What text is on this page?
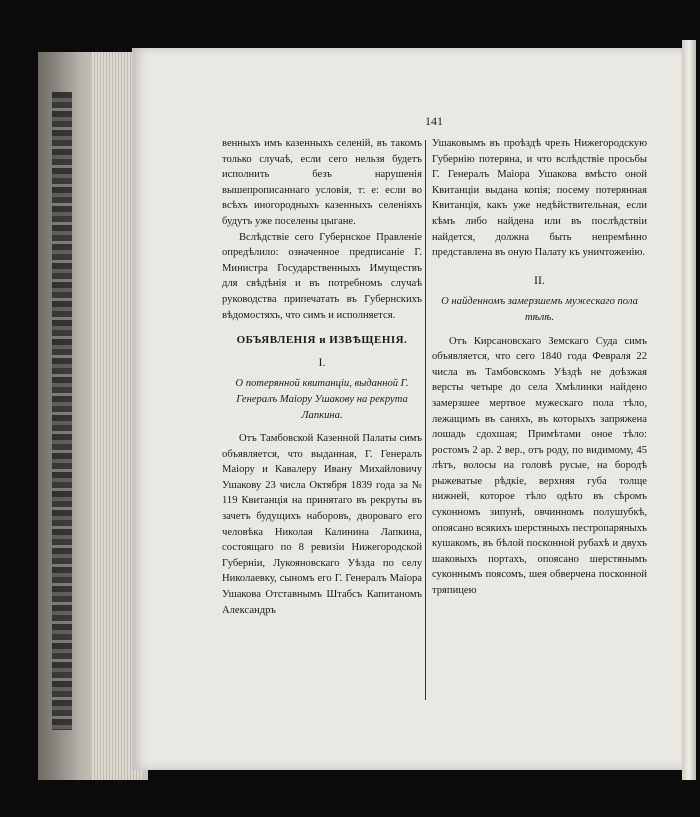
141

венныхъ имъ казенныхъ селеній, въ такомъ только случаѣ, если сего нельзя будетъ исполнить безъ нарушенія вышепрописаннаго условія, т: е: если во всѣхъ иногородныхъ казенныхъ селеніяхъ будутъ уже поселены цыгане.

Вслѣдствіе сего Губернское Правленіе опредѣлило: означенное предписаніе Г. Министра Государственныхъ Имуществъ для свѣдѣнія и въ потребномъ случаѣ руководства припечатать въ Губернскихъ вѣдомостяхъ, что симъ и исполняется.

ОБЪЯВЛЕНІЯ и ИЗВѢЩЕНІЯ.
I.

О потерянной квитанціи, выданной Г. Генералъ Маіору Ушакову на рекрута Лапкина.

Отъ Тамбовской Казенной Палаты симъ объявляется, что выданная, Г. Генералъ Маіору и Кавалеру Ивану Михайловичу Ушакову 23 числа Октября 1839 года за № 119 Квитанція на принятаго въ рекруты въ зачетъ будущихъ наборовъ, двороваго его человѣка Николая Калинина Лапкина, состоящаго по 8 ревизіи Нижегородской Губерніи, Лукояновскаго Уѣзда по селу Николаевку, сыномъ его Г. Генералъ Маіора Ушакова Отставнымъ Штабсъ Капитаномъ Александръ

Ушаковымъ въ проѣздѣ чрезъ Нижегородскую Губернію потеряна, и что вслѣдствіе просьбы Г. Генералъ Маіора Ушакова вмѣсто оной Квитанціи выдана копія; посему потерянная Квитанція, какъ уже недѣйствительная, если кѣмъ либо найдена или въ послѣдствіи найдется, должна быть непремѣнно представлена въ оную Палату къ уничтоженію.

II.

О найденномъ замерзшемъ мужескаго пола тѣлѣ.

Отъ Кирсановскаго Земскаго Суда симъ объявляется, что сего 1840 года Февраля 22 числа въ Тамбовскомъ Уѣздѣ не доѣзжая версты четыре до села Хмѣлинки найдено замерзшее мертвое мужескаго пола тѣло, лежащимъ въ саняхъ, въ которыхъ запряжена лошадь сдохшая; Примѣтами оное тѣло: ростомъ 2 ар. 2 вер., отъ роду, по видимому, 45 лѣтъ, волосы на головѣ русые, на бородѣ рыжеватые рѣдкіе, верхняя губа толще нижней, которое тѣло одѣто въ сѣромъ суконномъ зипунѣ, овчинномъ полушубкѣ, опоясано всякихъ шерстяныхъ пестропаряныхъ кушакомъ, въ бѣлой посконной рубахѣ и двухъ шаковыхъ портахъ, опоясано шерстянымъ суконнымъ поясомъ, шея обверчена посконной тряпицею
